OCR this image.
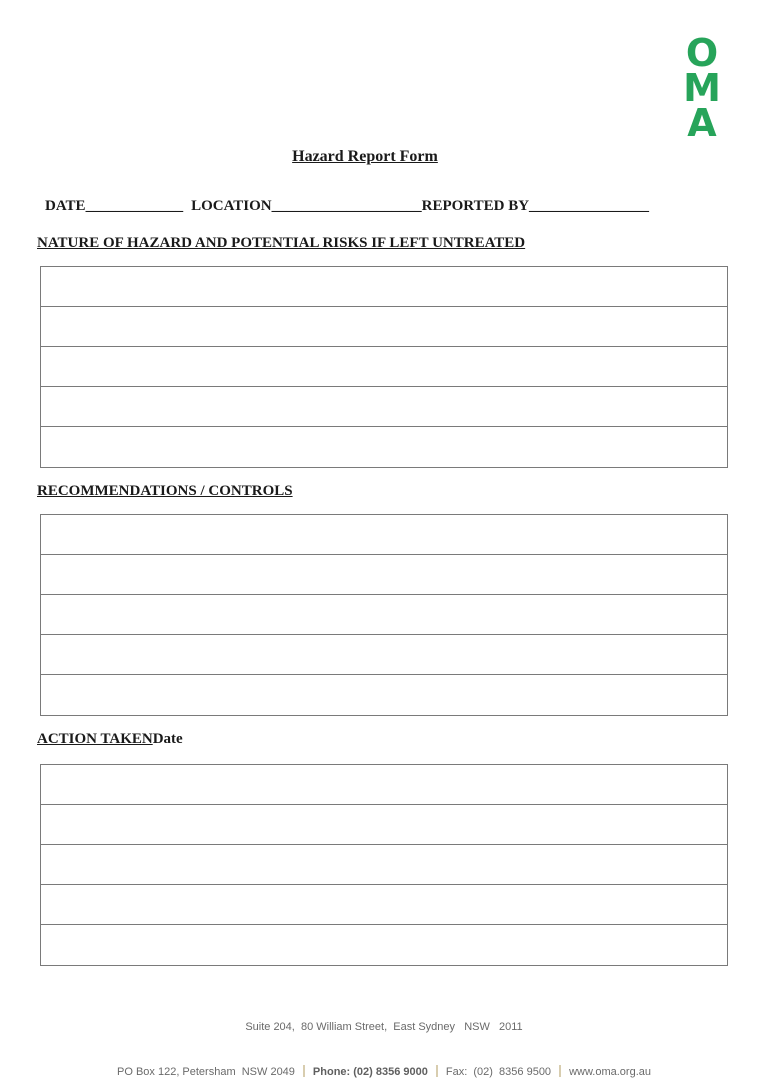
O
M
A
Hazard Report Form
DATE_____________ LOCATION____________________REPORTED BY________________
NATURE OF HAZARD AND POTENTIAL RISKS IF LEFT UNTREATED
RECOMMENDATIONS / CONTROLS
ACTION TAKENDate

Suite 204,  80 William Street,  East Sydney   NSW   2011

PO Box 122, Petersham  NSW 2049 Phone: (02) 8356 9000 Fax:  (02)  8356 9500 www.oma.org.au
